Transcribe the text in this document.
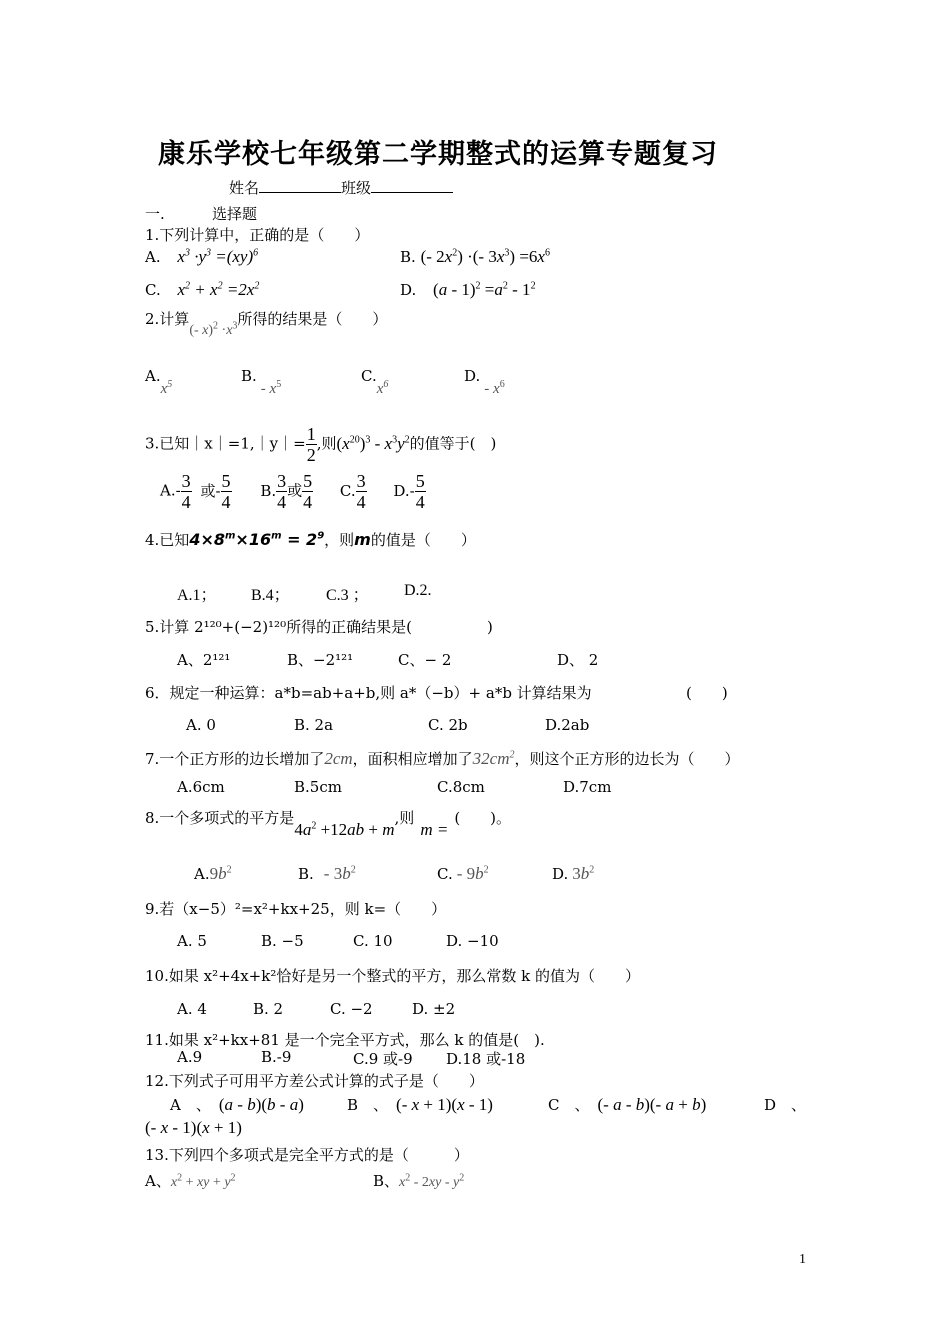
康乐学校七年级第二学期整式的运算专题复习
姓名	班级
一.	选择题
1.下列计算中，正确的是（　　）
A. $x^3 \cdot y^3 =(xy)^6$	B. (- $2x^2$) ·(- $3x^3) =6x^6$
C. $x^2 + x^2 =2x^2$	D. $(a - 1)^2 =a^2 - 1^2$
2.计算(- $x)^2 \cdot x^3$所得的结果是（　　）
$A.x^5$	B.- $x^5$	$C.x^6$	D.- $x^6$
3.已知｜x｜=1,｜y｜= $\frac{1}{2}$ ,则$(x^{20})^3 - x^3y^2$的值等于(　)
$A.- \frac{3}{4}$ 或- $\frac{5}{4} B$. $\frac{3}{4}$ 或 $\frac{5}{4} C$. $\frac{3}{4} D.- \frac{5}{4}$
4.已知$4\times 8^m\times 16^m = 2^9$，则m的值是（　　）
A.1； B.4； C.3 ； D.2.
5.计算 2¹²⁰+(−2)¹²⁰所得的正确结果是(　　　　　)
A、2¹²¹	B、−2¹²¹	C、− 2	D、 2
6．规定一种运算：a*b=ab+a+b,则 a*（−b）+ a*b 计算结果为	(　　)
A. 0	B. 2a	C. 2b	D.2ab
7.一个正方形的边长增加了2cm，面积相应增加了$32cm^2$，则这个正方形的边长为（　　）
A.6cm	B.5cm	C.8cm	D.7cm
8.一个多项式的平方是$4a^2 +12ab + m$,则m =(　　)。
$A.9b^2$	B. - $3b^2$	C. - $9b^2$	D. $3b^2$
9.若（x−5）²=x²+kx+25，则 k=（　　）
A. 5	B. −5	C. 10	D. −10
10.如果 x²+4x+k²恰好是另一个整式的平方，那么常数 k 的值为（　　）
A. 4	B. 2	C. −2	D. ±2
11.如果 x²+kx+81 是一个完全平方式，那么 k 的值是(　).
A.9	B.-9	C.9 或-9 D.18 或-18
12.下列式子可用平方差公式计算的式子是（　　）
A　、 (a - b)(b - a)	B　、 (- x + 1)(x - 1)	C　、 (- a - b)(- a + b)	D　、
(- x - 1)(x + 1)
13.下列四个多项式是完全平方式的是（　　　）
A、$x^2$ + xy + $y^2$	B、$x^2 - 2xy - y^2$
1
